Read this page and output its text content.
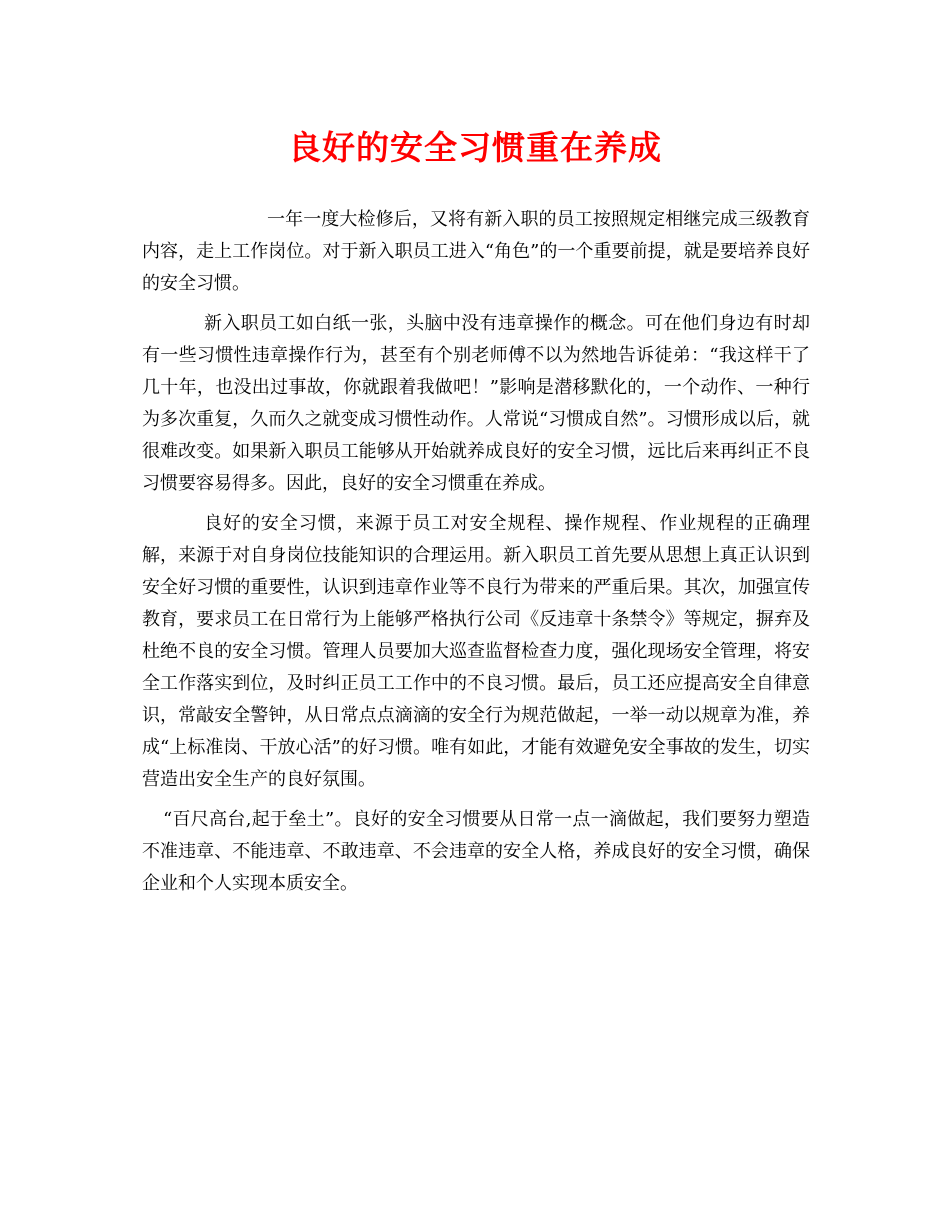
良好的安全习惯重在养成

一年一度大检修后，又将有新入职的员工按照规定相继完成三级教育内容，走上工作岗位。对于新入职员工进入“角色”的一个重要前提，就是要培养良好的安全习惯。

新入职员工如白纸一张，头脑中没有违章操作的概念。可在他们身边有时却有一些习惯性违章操作行为，甚至有个别老师傅不以为然地告诉徒弟：“我这样干了几十年，也没出过事故，你就跟着我做吧！”影响是潜移默化的，一个动作、一种行为多次重复，久而久之就变成习惯性动作。人常说“习惯成自然”。习惯形成以后，就很难改变。如果新入职员工能够从开始就养成良好的安全习惯，远比后来再纠正不良习惯要容易得多。因此，良好的安全习惯重在养成。

良好的安全习惯，来源于员工对安全规程、操作规程、作业规程的正确理解，来源于对自身岗位技能知识的合理运用。新入职员工首先要从思想上真正认识到安全好习惯的重要性，认识到违章作业等不良行为带来的严重后果。其次，加强宣传教育，要求员工在日常行为上能够严格执行公司《反违章十条禁令》等规定，摒弃及杜绝不良的安全习惯。管理人员要加大巡查监督检查力度，强化现场安全管理，将安全工作落实到位，及时纠正员工工作中的不良习惯。最后，员工还应提高安全自律意识，常敲安全警钟，从日常点点滴滴的安全行为规范做起，一举一动以规章为准，养成“上标准岗、干放心活”的好习惯。唯有如此，才能有效避免安全事故的发生，切实营造出安全生产的良好氛围。

“百尺高台,起于垒土”。良好的安全习惯要从日常一点一滴做起，我们要努力塑造不准违章、不能违章、不敢违章、不会违章的安全人格，养成良好的安全习惯，确保企业和个人实现本质安全。
